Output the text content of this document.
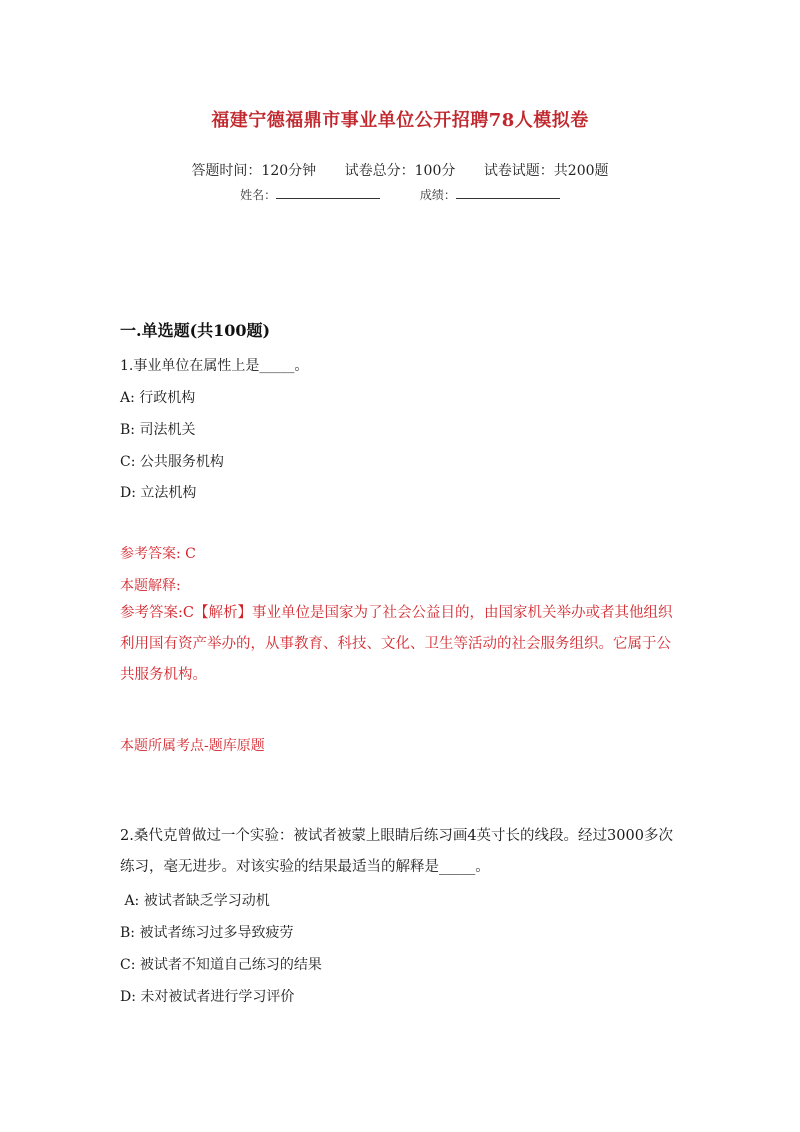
福建宁德福鼎市事业单位公开招聘78人模拟卷
答题时间：120分钟 试卷总分：100分 试卷试题：共200题
姓名：	成绩：
一.单选题(共100题)
1.事业单位在属性上是_____。
A: 行政机构
B: 司法机关
C: 公共服务机构
D: 立法机构
参考答案: C
本题解释:
参考答案:C【解析】事业单位是国家为了社会公益目的，由国家机关举办或者其他组织利用国有资产举办的，从事教育、科技、文化、卫生等活动的社会服务组织。它属于公共服务机构。
本题所属考点-题库原题
2.桑代克曾做过一个实验：被试者被蒙上眼睛后练习画4英寸长的线段。经过3000多次练习，毫无进步。对该实验的结果最适当的解释是_____。
A: 被试者缺乏学习动机
B: 被试者练习过多导致疲劳
C: 被试者不知道自己练习的结果
D: 未对被试者进行学习评价
